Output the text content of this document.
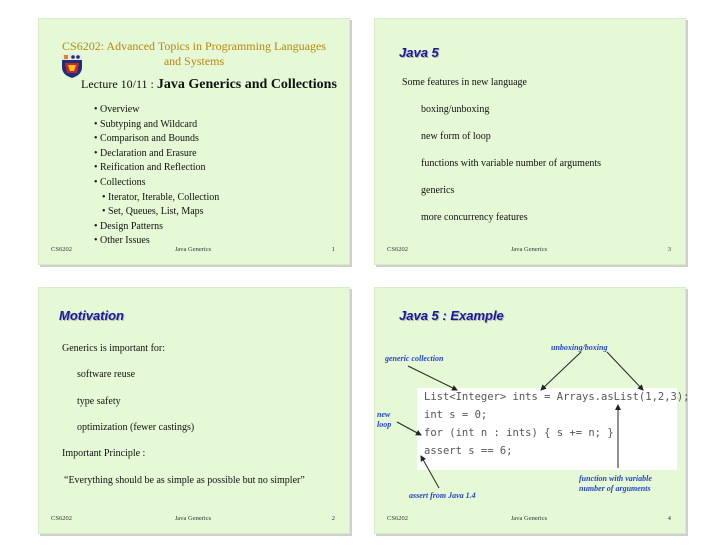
CS6202: Advanced Topics in Programming Languages
and Systems
Lecture 10/11 : Java Generics and Collections
• Overview
• Subtyping and Wildcard
• Comparison and Bounds
• Declaration and Erasure
• Reification and Reflection
• Collections
• Iterator, Iterable, Collection
• Set, Queues, List, Maps
• Design Patterns
• Other Issues
CS6202	Java Generics	1
Java 5
Some features in new language
boxing/unboxing
new form of loop
functions with variable number of arguments
generics
more concurrency features
CS6202	Java Generics	3
Motivation
Generics is important for:
software reuse
type safety
optimization (fewer castings)
Important Principle :
“Everything should be as simple as possible but no simpler”
CS6202	Java Generics	2
Java 5 : Example
List<Integer> ints = Arrays.asList(1,2,3);
int s = 0;
for (int n : ints) { s += n; }
assert s == 6;
unboxing/boxing
generic collection
new
loop
function with variable
number of arguments
assert from Java 1.4
CS6202	Java Generics	4
